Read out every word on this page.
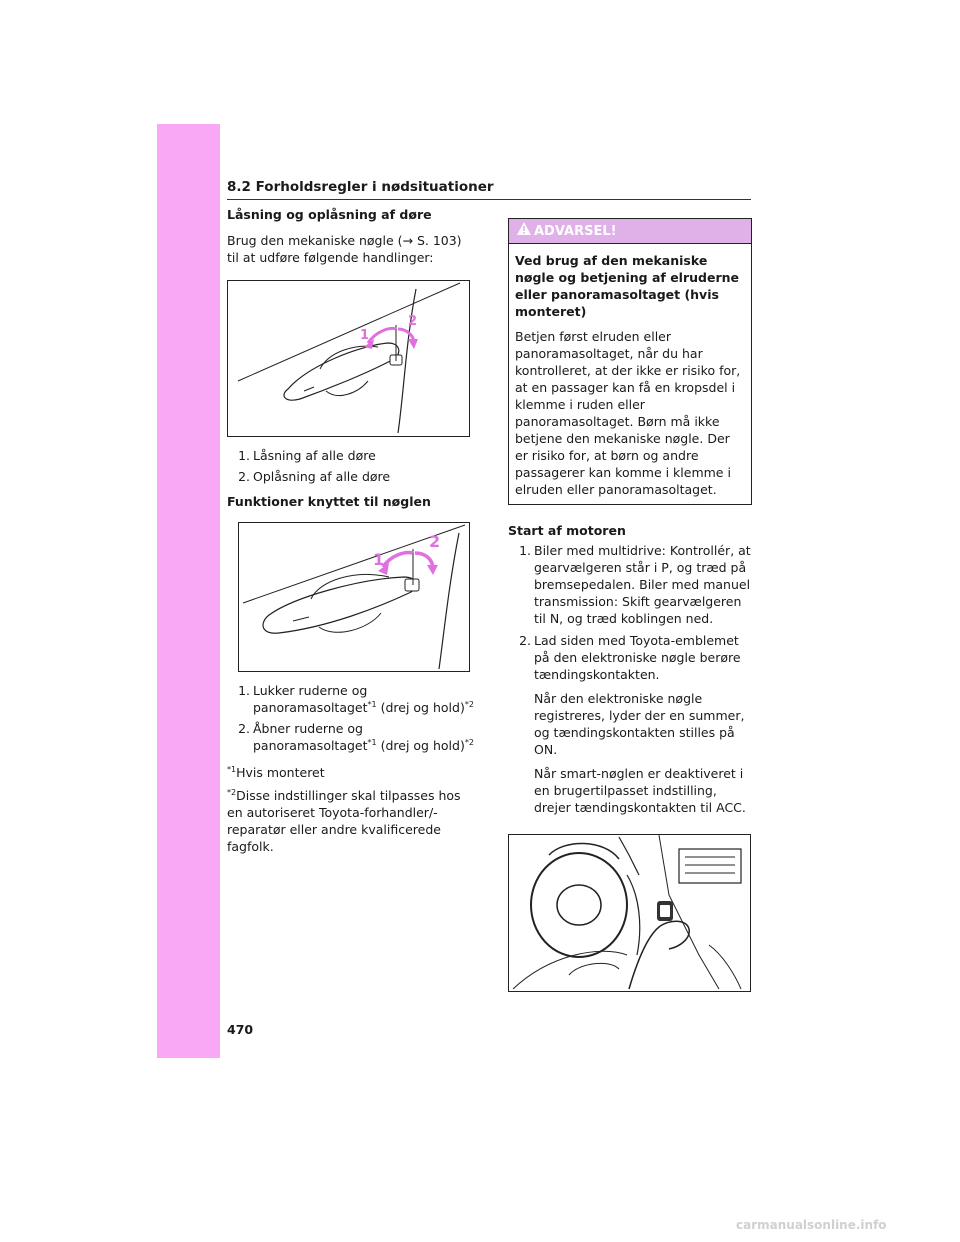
8.2 Forholdsregler i nødsituationer

Låsning og oplåsning af døre

Brug den mekaniske nøgle (→ S. 103) til at udføre følgende handlinger:

1
2
1. Låsning af alle døre
2. Oplåsning af alle døre

Funktioner knyttet til nøglen

1
2
1. Lukker ruderne og panoramasoltaget$^{*1}$ (drej og hold)$^{*2}$
2. Åbner ruderne og panoramasoltaget$^{*1}$ (drej og hold)$^{*2}$

$^{*1}$Hvis monteret

$^{*2}$Disse indstillinger skal tilpasses hos en autoriseret Toyota-forhandler/-reparatør eller andre kvalificerede fagfolk.

ADVARSEL!

Ved brug af den mekaniske nøgle og betjening af elruderne eller panoramasoltaget (hvis monteret)

Betjen først elruden eller panoramasoltaget, når du har kontrolleret, at der ikke er risiko for, at en passager kan få en kropsdel i klemme i ruden eller panoramasoltaget. Børn må ikke betjene den mekaniske nøgle. Der er risiko for, at børn og andre passagerer kan komme i klemme i elruden eller panoramasoltaget.

Start af motoren

1. Biler med multidrive: Kontrollér, at gearvælgeren står i P, og træd på bremsepedalen. Biler med manuel transmission: Skift gearvælgeren til N, og træd koblingen ned.
2. Lad siden med Toyota-emblemet på den elektroniske nøgle berøre tændingskontakten.

Når den elektroniske nøgle registreres, lyder der en summer, og tændingskontakten stilles på ON.

Når smart-nøglen er deaktiveret i en brugertilpasset indstilling, drejer tændingskontakten til ACC.

470
carmanualsonline.info
